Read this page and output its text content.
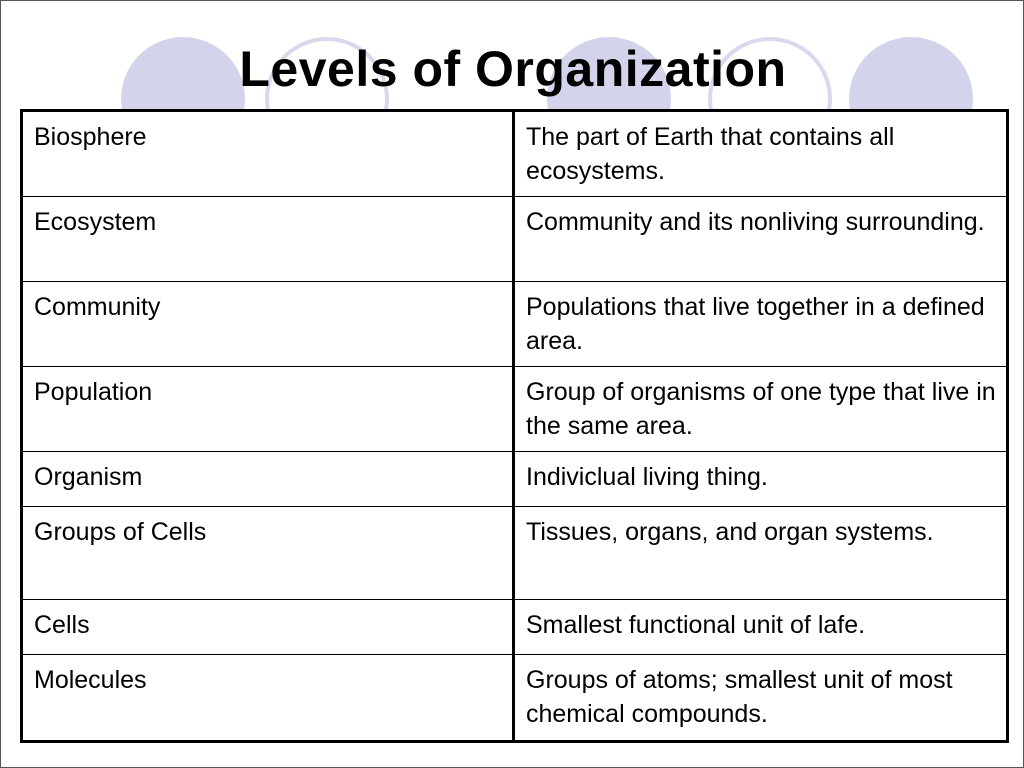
Levels of Organization
Biosphere	The part of Earth that contains all ecosystems.
Ecosystem	Community and its nonliving surrounding.
Community	Populations that live together in a defined area.
Population	Group of organisms of one type that live in the same area.
Organism	Indiviclual living thing.
Groups of Cells	Tissues, organs, and organ systems.
Cells	Smallest functional unit of lafe.
Molecules	Groups of atoms; smallest unit of most chemical compounds.
